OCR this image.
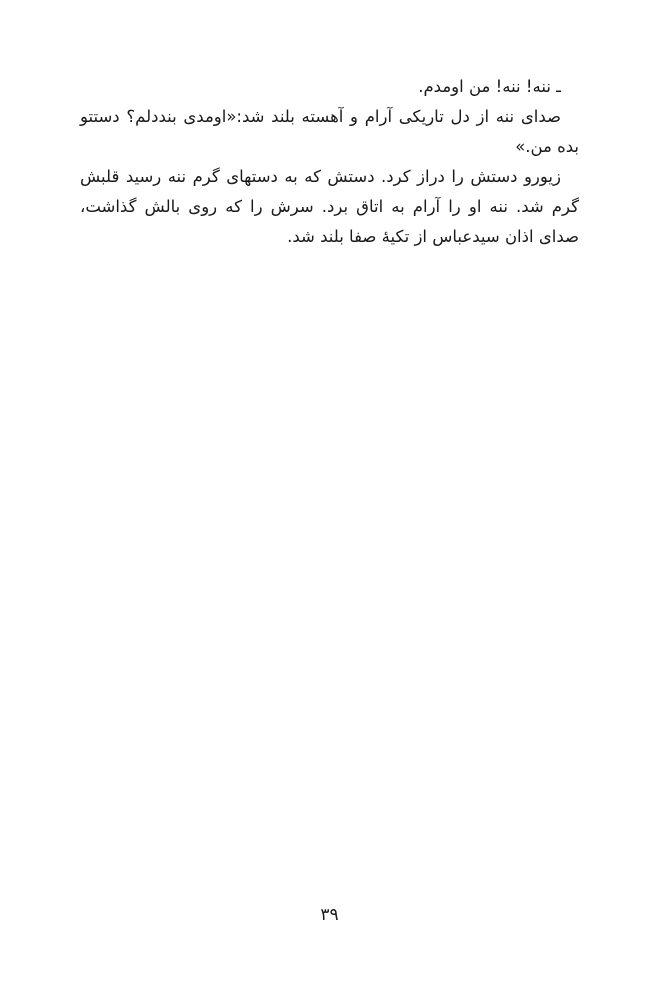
ـ ننه! ننه! من اومدم.

صدای ننه از دل تاریکی آرام و آهسته بلند شد:«اومدی بنددلم؟ دستتو بده من.»

زیورو دستش را دراز کرد. دستش که به دستهای گرم ننه رسید قلبش گرم شد. ننه او را آرام به اتاق برد. سرش را که روی بالش گذاشت، صدای اذان سیدعباس از تکیهٔ صفا بلند شد.

۳۹
